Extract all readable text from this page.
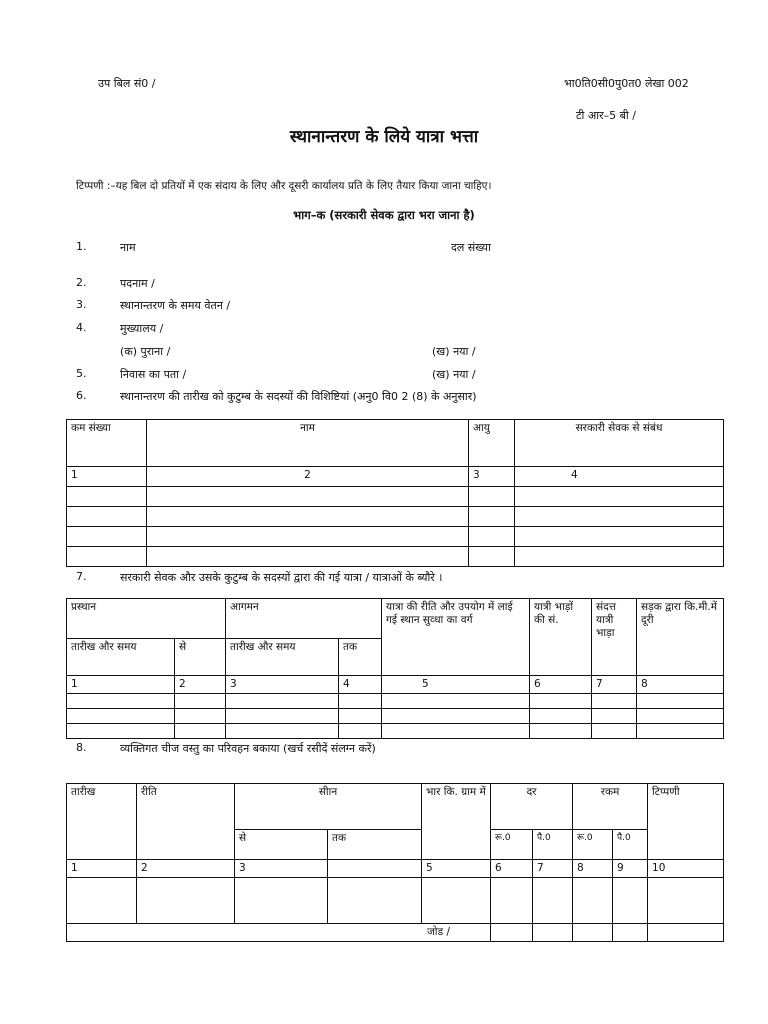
उप बिल सं0 /	भा0ति0सी0पु0त0 लेखा 002
टी आर–5 बी /
स्थानान्तरण के लिये यात्रा भत्ता
टिप्पणी :–यह बिल दो प्रतियों में एक संदाय के लिए और दूसरी कार्यालय प्रति के लिए तैयार किया जाना चाहिए।
भाग–क (सरकारी सेवक द्वारा भरा जाना है)
1.	नाम	दल संख्या
2.	पदनाम /
3.	स्थानान्तरण के समय वेतन /
4.	मुख्यालय /
(क) पुराना /	(ख) नया /
5.	निवास का पता /	(ख) नया /
6.	स्थानान्तरण की तारीख को कुटुम्ब के सदस्यों की विशिष्टियां (अनु0 वि0 2 (8) के अनुसार)
कम संख्या	नाम	आयु	सरकारी सेवक से संबंध
1	2	3	4

7.	सरकारी सेवक और उसके कुटुम्ब के सदस्यों द्वारा की गई यात्रा / यात्राओं के ब्यौरे ।
प्रस्थान		आगमन		यात्रा की रीति और उपयोग में लाई गई स्थान सुव्धा का वर्ग	यात्री भाड़ों की सं.	संदत्त यात्री भाड़ा	सड़क द्वारा कि.मी.में दूरी
तारीख और समय	से	तारीख और समय	तक				
1	2	3	4	5	6	7	8

8.	व्यक्तिगत चीज वस्तु का परिवहन बकाया (खर्च रसीदें संलग्न करें)
तारीख	रीति	सीान		भार कि. ग्राम में	दर		रकम		टिप्पणी
		से	तक		रू.0	पै.0	रू.0	पै.0	
1	2	3		5	6	7	8	9	10

जोड /									
